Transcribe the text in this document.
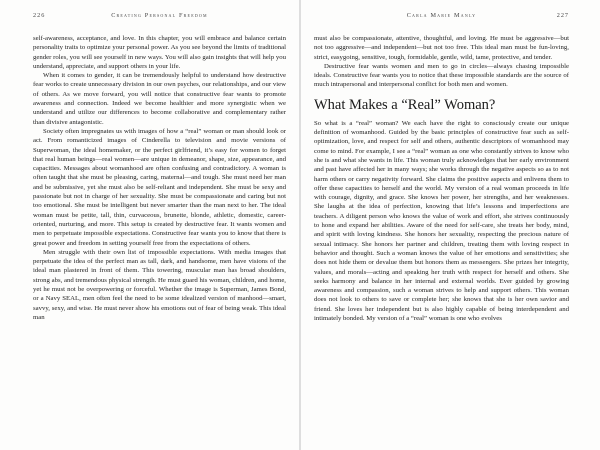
226	Creating Personal Freedom

self-awareness, acceptance, and love. In this chapter, you will embrace and balance certain personality traits to optimize your personal power. As you see beyond the limits of traditional gender roles, you will see yourself in new ways. You will also gain insights that will help you understand, appreciate, and support others in your life.

When it comes to gender, it can be tremendously helpful to understand how destructive fear works to create unnecessary division in our own psyches, our relationships, and our view of others. As we move forward, you will notice that constructive fear wants to promote awareness and connection. Indeed we become healthier and more synergistic when we understand and utilize our differences to become collaborative and complementary rather than divisive antagonistic.

Society often impregnates us with images of how a “real” woman or man should look or act. From romanticized images of Cinderella to television and movie versions of Superwoman, the ideal homemaker, or the perfect girlfriend, it’s easy for women to forget that real human beings—real women—are unique in demeanor, shape, size, appearance, and capacities. Messages about womanhood are often confusing and contradictory. A woman is often taught that she must be pleasing, caring, maternal—and tough. She must need her man and be submissive, yet she must also be self-reliant and independent. She must be sexy and passionate but not in charge of her sexuality. She must be compassionate and caring but not too emotional. She must be intelligent but never smarter than the man next to her. The ideal woman must be petite, tall, thin, curvaceous, brunette, blonde, athletic, domestic, career-oriented, nurturing, and more. This setup is created by destructive fear. It wants women and men to perpetuate impossible expectations. Constructive fear wants you to know that there is great power and freedom in setting yourself free from the expectations of others.

Men struggle with their own list of impossible expectations. With media images that perpetuate the idea of the perfect man as tall, dark, and handsome, men have visions of the ideal man plastered in front of them. This towering, muscular man has broad shoulders, strong abs, and tremendous physical strength. He must guard his woman, children, and home, yet he must not be overpowering or forceful. Whether the image is Superman, James Bond, or a Navy SEAL, men often feel the need to be some idealized version of manhood—smart, savvy, sexy, and wise. He must never show his emotions out of fear of being weak. This ideal man

Carla Marie Manly	227

must also be compassionate, attentive, thoughtful, and loving. He must be aggressive—but not too aggressive—and independent—but not too free. This ideal man must be fun-loving, strict, easygoing, sensitive, tough, formidable, gentle, wild, tame, protective, and tender.

Destructive fear wants women and men to go in circles—always chasing impossible ideals. Constructive fear wants you to notice that these impossible standards are the source of much intrapersonal and interpersonal conflict for both men and women.

What Makes a “Real” Woman?

So what is a “real” woman? We each have the right to consciously create our unique definition of womanhood. Guided by the basic principles of constructive fear such as self-optimization, love, and respect for self and others, authentic descriptors of womanhood may come to mind. For example, I see a “real” woman as one who constantly strives to know who she is and what she wants in life. This woman truly acknowledges that her early environment and past have affected her in many ways; she works through the negative aspects so as to not harm others or carry negativity forward. She claims the positive aspects and enlivens them to offer these capacities to herself and the world. My version of a real woman proceeds in life with courage, dignity, and grace. She knows her power, her strengths, and her weaknesses. She laughs at the idea of perfection, knowing that life’s lessons and imperfections are teachers. A diligent person who knows the value of work and effort, she strives continuously to hone and expand her abilities. Aware of the need for self-care, she treats her body, mind, and spirit with loving kindness. She honors her sexuality, respecting the precious nature of sexual intimacy. She honors her partner and children, treating them with loving respect in behavior and thought. Such a woman knows the value of her emotions and sensitivities; she does not hide them or devalue them but honors them as messengers. She prizes her integrity, values, and morals—acting and speaking her truth with respect for herself and others. She seeks harmony and balance in her internal and external worlds. Ever guided by growing awareness and compassion, such a woman strives to help and support others. This woman does not look to others to save or complete her; she knows that she is her own savior and friend. She loves her independent but is also highly capable of being interdependent and intimately bonded. My version of a “real” woman is one who evolves
